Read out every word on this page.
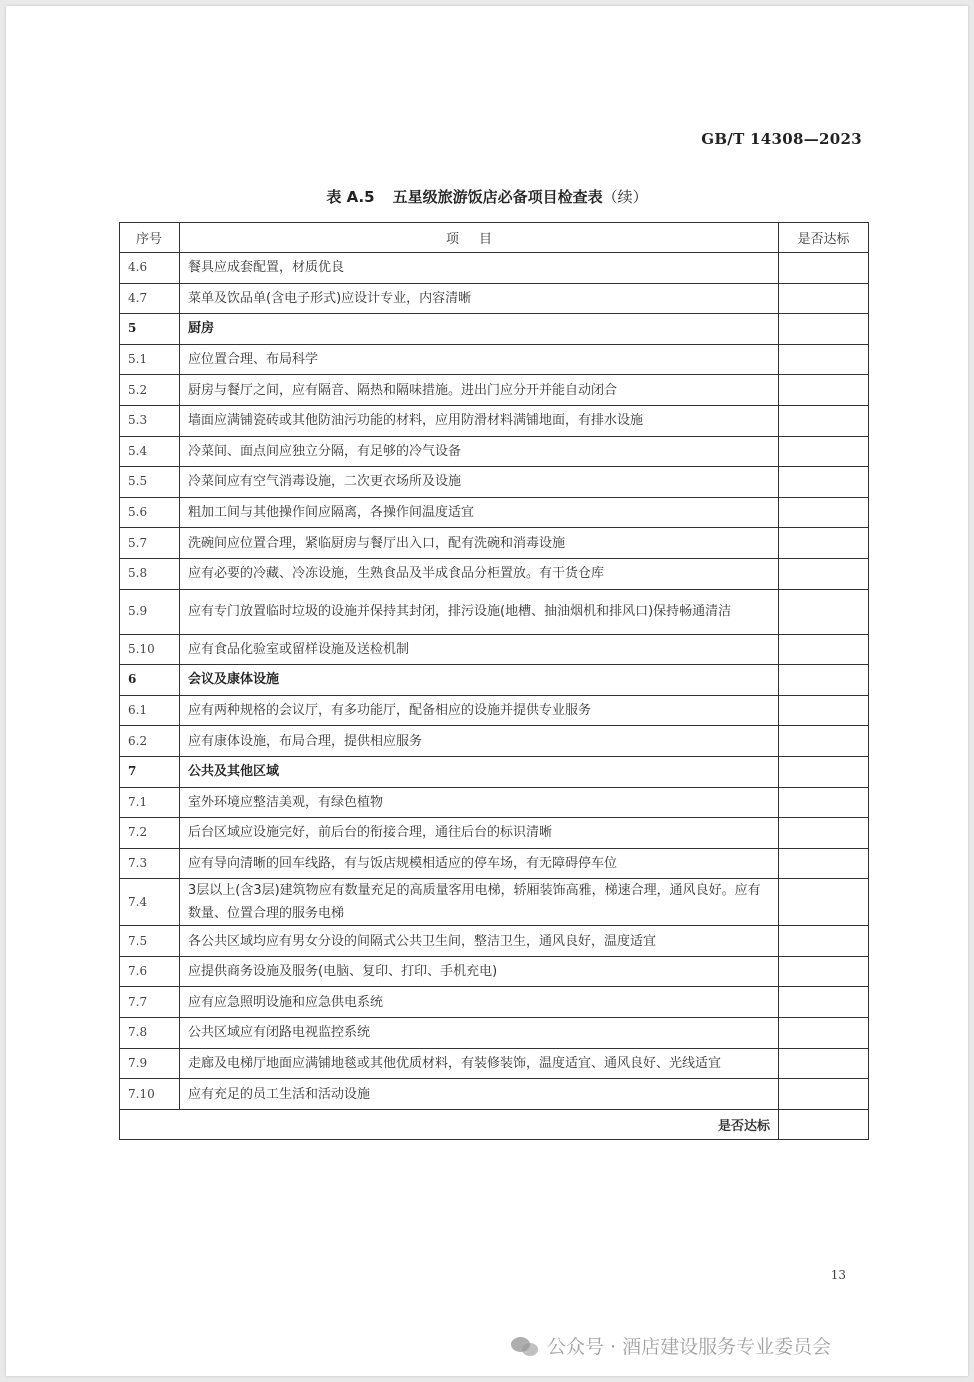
GB/T 14308—2023
表 A.5 五星级旅游饭店必备项目检查表（续）
序号	项目	是否达标
4.6	餐具应成套配置，材质优良	
4.7	菜单及饮品单(含电子形式)应设计专业，内容清晰	
5	厨房	
5.1	应位置合理、布局科学	
5.2	厨房与餐厅之间，应有隔音、隔热和隔味措施。进出门应分开并能自动闭合	
5.3	墙面应满铺瓷砖或其他防油污功能的材料，应用防滑材料满铺地面，有排水设施	
5.4	冷菜间、面点间应独立分隔，有足够的冷气设备	
5.5	冷菜间应有空气消毒设施，二次更衣场所及设施	
5.6	粗加工间与其他操作间应隔离，各操作间温度适宜	
5.7	洗碗间应位置合理，紧临厨房与餐厅出入口，配有洗碗和消毒设施	
5.8	应有必要的冷藏、冷冻设施，生熟食品及半成食品分柜置放。有干货仓库	
5.9	应有专门放置临时垃圾的设施并保持其封闭，排污设施(地槽、抽油烟机和排风口)保持畅通清洁	
5.10	应有食品化验室或留样设施及送检机制	
6	会议及康体设施	
6.1	应有两种规格的会议厅，有多功能厅，配备相应的设施并提供专业服务	
6.2	应有康体设施，布局合理，提供相应服务	
7	公共及其他区域	
7.1	室外环境应整洁美观，有绿色植物	
7.2	后台区域应设施完好，前后台的衔接合理，通往后台的标识清晰	
7.3	应有导向清晰的回车线路，有与饭店规模相适应的停车场，有无障碍停车位	
7.4	3层以上(含3层)建筑物应有数量充足的高质量客用电梯，轿厢装饰高雅，梯速合理，通风良好。应有数量、位置合理的服务电梯	
7.5	各公共区域均应有男女分设的间隔式公共卫生间，整洁卫生，通风良好，温度适宜	
7.6	应提供商务设施及服务(电脑、复印、打印、手机充电)	
7.7	应有应急照明设施和应急供电系统	
7.8	公共区域应有闭路电视监控系统	
7.9	走廊及电梯厅地面应满铺地毯或其他优质材料，有装修装饰，温度适宜、通风良好、光线适宜	
7.10	应有充足的员工生活和活动设施	
是否达标		
13
公众号 · 酒店建设服务专业委员会
